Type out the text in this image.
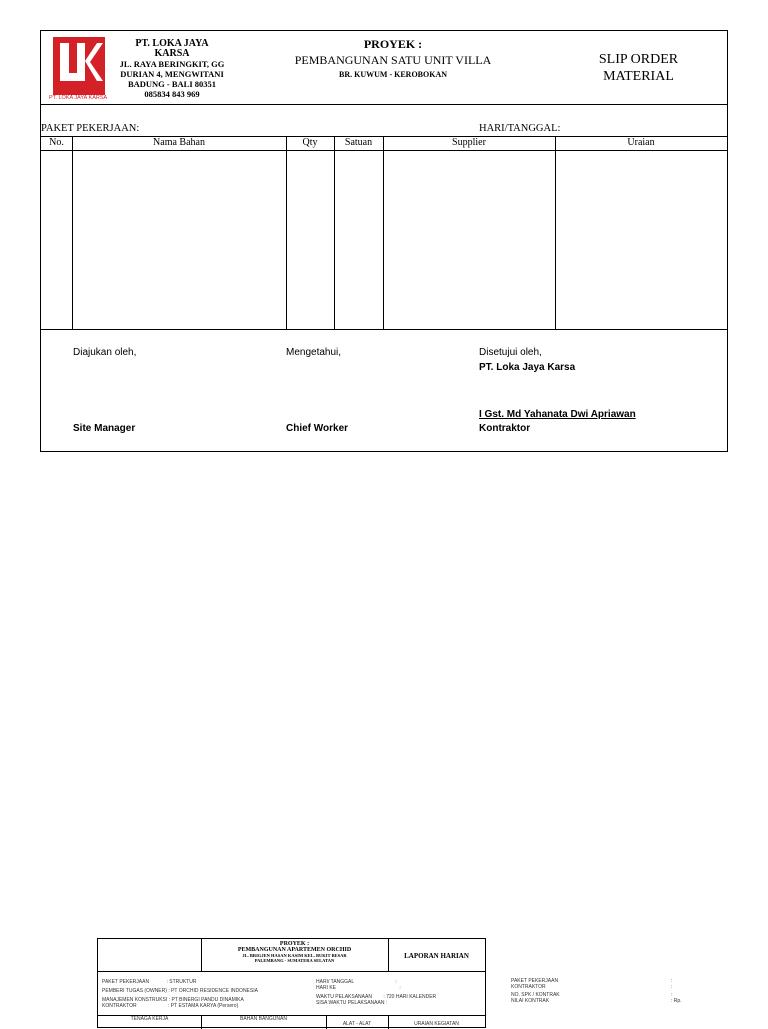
PT. LOKA JAYA KARSA
PT. LOKA JAYA
KARSA
JL. RAYA BERINGKIT, GG
DURIAN 4, MENGWITANI
BADUNG - BALI 80351
085834 843 969
PROYEK :
PEMBANGUNAN SATU UNIT VILLA
BR. KUWUM - KEROBOKAN
SLIP ORDER
MATERIAL
PAKET PEKERJAAN:	HARI/TANGGAL:
No.	Nama Bahan	Qty	Satuan	Supplier	Uraian
Diajukan oleh,	Mengetahui,	Disetujui oleh,
PT. Loka Jaya Karsa
I Gst. Md Yahanata Dwi Apriawan
Site Manager	Chief Worker	Kontraktor
PROYEK :
PEMBANGUNAN APARTEMEN ORCHID
JL. BRIGJEN HASAN KASIM KEL. BUKIT BESAR
PALEMBANG - SUMATERA SELATAN
LAPORAN HARIAN
PAKET PEKERJAAN	: STRUKTUR
PEMBERI TUGAS (OWNER) : PT ORCHID RESIDENCE INDONESIA
MANAJEMEN KONSTRUKSI : PT BINERGI PANDU DINAMIKA
KONTRAKTOR	: PT ESTAMA KARYA (Persero)
HARI/ TANGGAL	:
HARI KE	:
WAKTU PELAKSANAAN : 720 HARI KALENDER
SISA WAKTU PELAKSANAAN :
TENAGA KERJA	BAHAN BANGUNAN
ALAT - ALAT	URAIAN KEGIATAN
PAKET PEKERJAAN	:
KONTRAKTOR	:
NO. SPK / KONTRAK	:
NILAI KONTRAK	: Rp.
